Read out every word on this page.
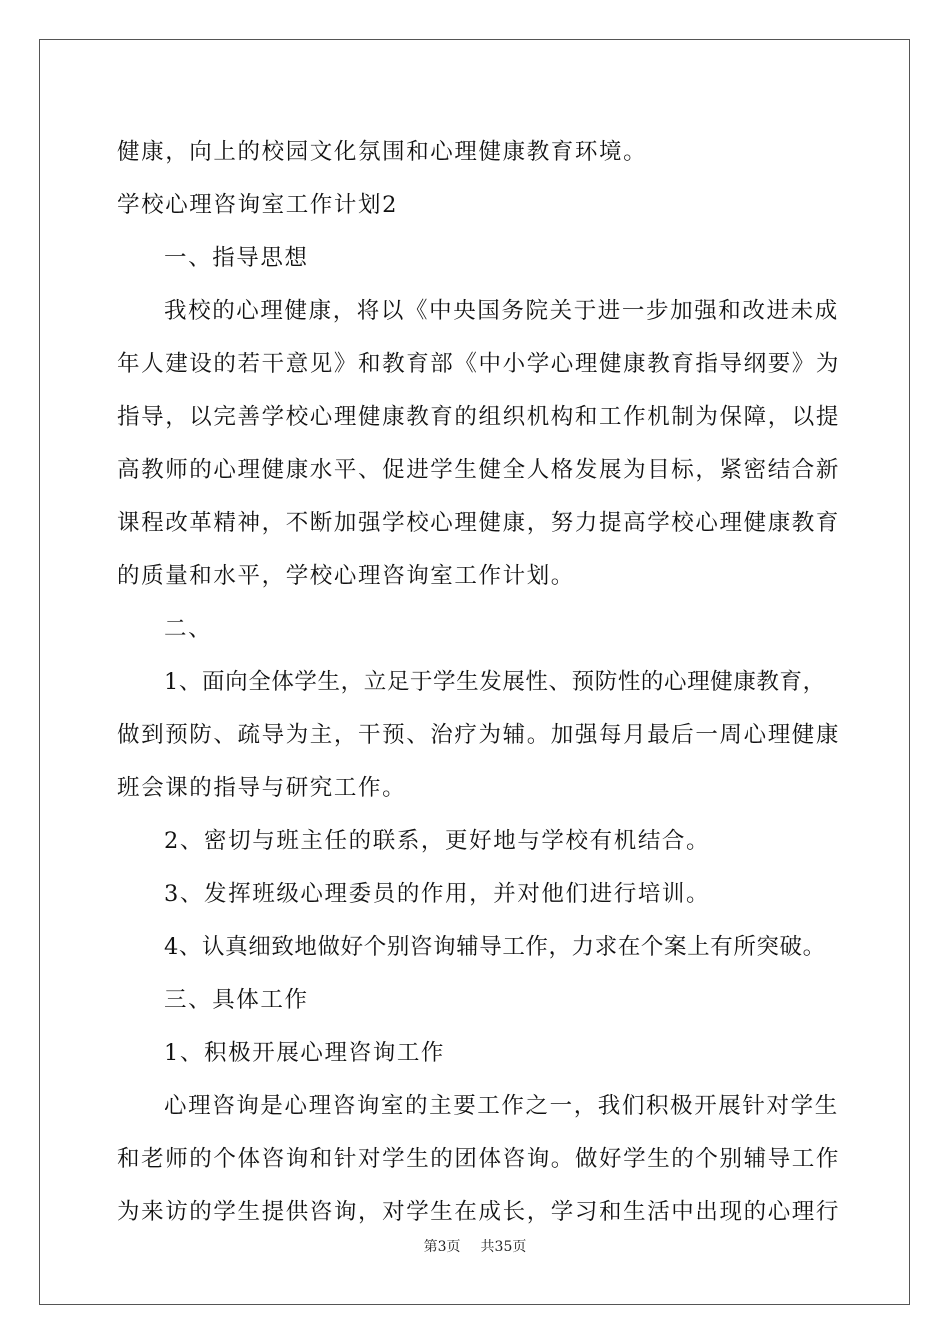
健康，向上的校园文化氛围和心理健康教育环境。
学校心理咨询室工作计划2
一、指导思想
我校的心理健康，将以《中央国务院关于进一步加强和改进未成
年人建设的若干意见》和教育部《中小学心理健康教育指导纲要》为
指导，以完善学校心理健康教育的组织机构和工作机制为保障，以提
高教师的心理健康水平、促进学生健全人格发展为目标，紧密结合新
课程改革精神，不断加强学校心理健康，努力提高学校心理健康教育
的质量和水平，学校心理咨询室工作计划。
二、
1、面向全体学生，立足于学生发展性、预防性的心理健康教育，
做到预防、疏导为主，干预、治疗为辅。加强每月最后一周心理健康
班会课的指导与研究工作。
2、密切与班主任的联系，更好地与学校有机结合。
3、发挥班级心理委员的作用，并对他们进行培训。
4、认真细致地做好个别咨询辅导工作，力求在个案上有所突破。
三、具体工作
1、积极开展心理咨询工作
心理咨询是心理咨询室的主要工作之一，我们积极开展针对学生
和老师的个体咨询和针对学生的团体咨询。做好学生的个别辅导工作
为来访的学生提供咨询，对学生在成长，学习和生活中出现的心理行
第3页 共35页
